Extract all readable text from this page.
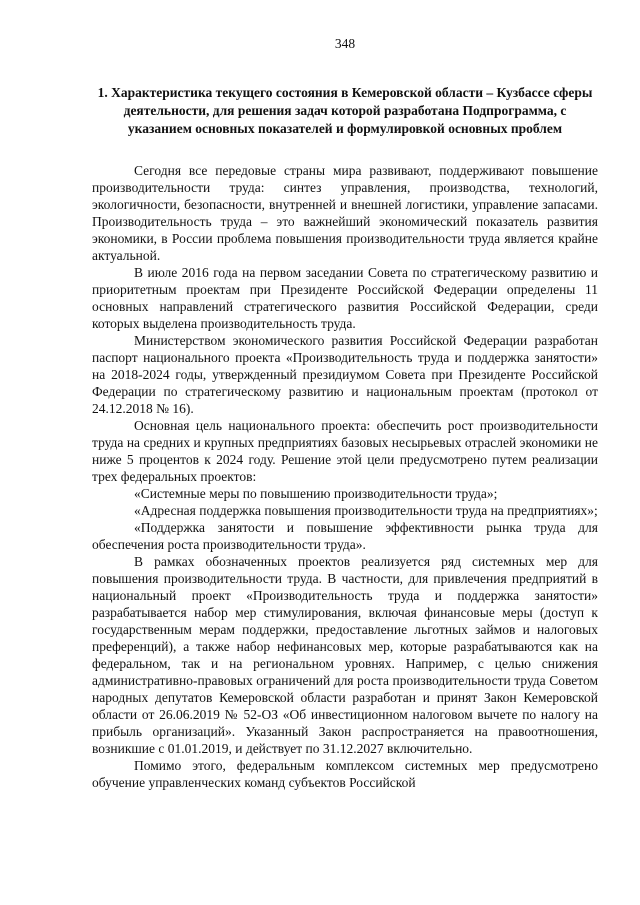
348
1. Характеристика текущего состояния в Кемеровской области – Кузбассе сферы деятельности, для решения задач которой разработана Подпрограмма, с указанием основных показателей и формулировкой основных проблем

Сегодня все передовые страны мира развивают, поддерживают повышение производительности труда: синтез управления, производства, технологий, экологичности, безопасности, внутренней и внешней логистики, управление запасами. Производительность труда – это важнейший экономический показатель развития экономики, в России проблема повышения производительности труда является крайне актуальной.

В июле 2016 года на первом заседании Совета по стратегическому развитию и приоритетным проектам при Президенте Российской Федерации определены 11 основных направлений стратегического развития Российской Федерации, среди которых выделена производительность труда.

Министерством экономического развития Российской Федерации разработан паспорт национального проекта «Производительность труда и поддержка занятости» на 2018-2024 годы, утвержденный президиумом Совета при Президенте Российской Федерации по стратегическому развитию и национальным проектам (протокол от 24.12.2018 № 16).

Основная цель национального проекта: обеспечить рост производительности труда на средних и крупных предприятиях базовых несырьевых отраслей экономики не ниже 5 процентов к 2024 году. Решение этой цели предусмотрено путем реализации трех федеральных проектов:

«Системные меры по повышению производительности труда»;

«Адресная поддержка повышения производительности труда на предприятиях»;

«Поддержка занятости и повышение эффективности рынка труда для обеспечения роста производительности труда».

В рамках обозначенных проектов реализуется ряд системных мер для повышения производительности труда. В частности, для привлечения предприятий в национальный проект «Производительность труда и поддержка занятости» разрабатывается набор мер стимулирования, включая финансовые меры (доступ к государственным мерам поддержки, предоставление льготных займов и налоговых преференций), а также набор нефинансовых мер, которые разрабатываются как на федеральном, так и на региональном уровнях. Например, с целью снижения административно-правовых ограничений для роста производительности труда Советом народных депутатов Кемеровской области разработан и принят Закон Кемеровской области от 26.06.2019 № 52-ОЗ «Об инвестиционном налоговом вычете по налогу на прибыль организаций». Указанный Закон распространяется на правоотношения, возникшие с 01.01.2019, и действует по 31.12.2027 включительно.

Помимо этого, федеральным комплексом системных мер предусмотрено обучение управленческих команд субъектов Российской
